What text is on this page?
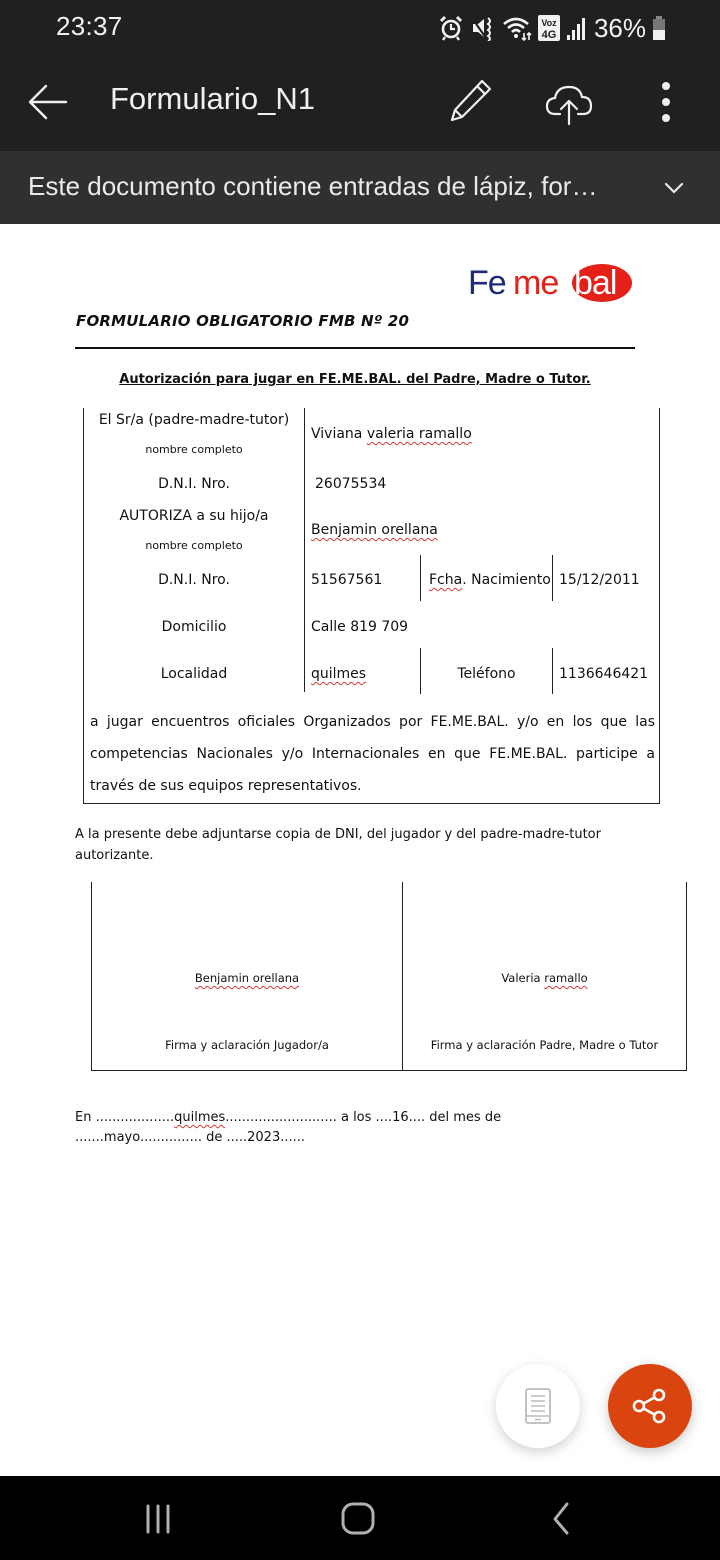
23:37	Voz
4G 36%
Formulario_N1
Este documento contiene entradas de lápiz, for…
Fe me bal
FORMULARIO OBLIGATORIO FMB Nº 20
Autorización para jugar en FE.ME.BAL. del Padre, Madre o Tutor.
El Sr/a (padre-madre-tutor)
nombre completo
Viviana valeria ramallo
D.N.I. Nro.	26075534
AUTORIZA a su hijo/a
nombre completo
Benjamin orellana
D.N.I. Nro.	51567561	Fcha. Nacimiento 15/12/2011
Domicilio	Calle 819 709
Localidad	quilmes	Teléfono	1136646421
a jugar encuentros oficiales Organizados por FE.ME.BAL. y/o en los que las competencias Nacionales y/o Internacionales en que FE.ME.BAL. participe a través de sus equipos representativos.
A la presente debe adjuntarse copia de DNI, del jugador y del padre-madre-tutor autorizante.
Benjamin orellana
Firma y aclaración Jugador/a
Valeria ramallo
Firma y aclaración Padre, Madre o Tutor
En ...................quilmes........................... a los ....16.... del mes de
.......mayo............... de .....2023......
